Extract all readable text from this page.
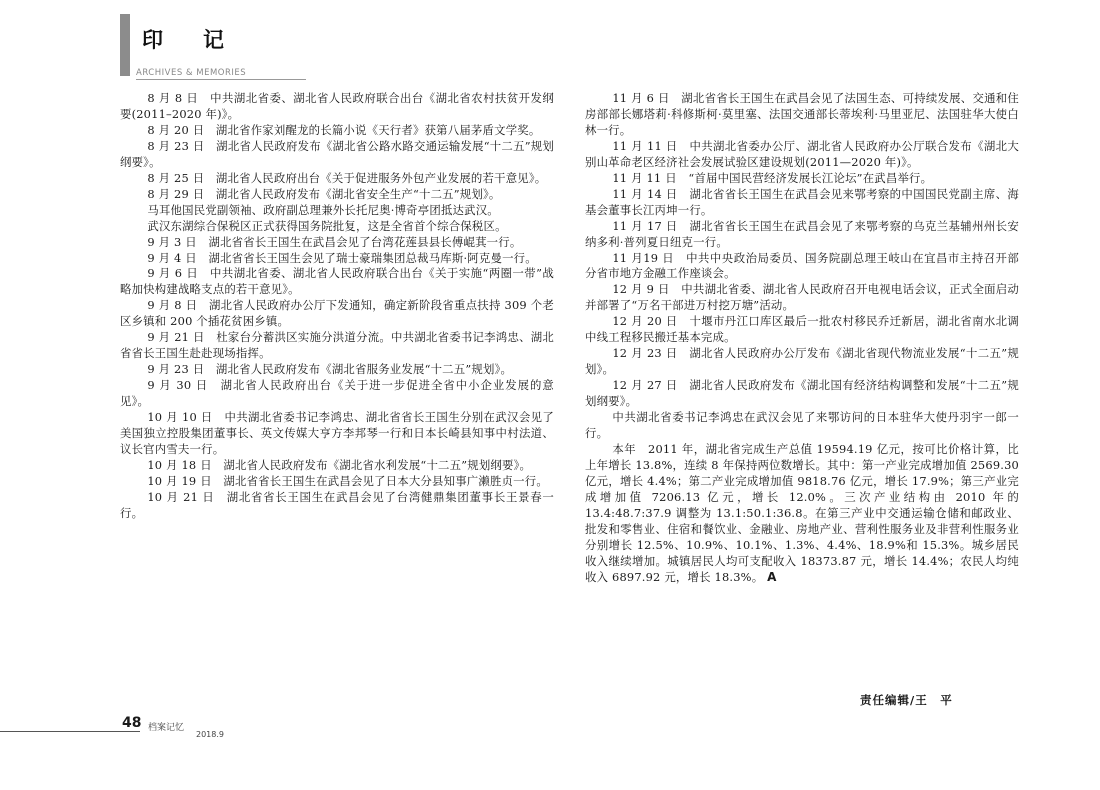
印记
ARCHIVES & MEMORIES

8 月 8 日　中共湖北省委、湖北省人民政府联合出台《湖北省农村扶贫开发纲要(2011–2020 年)》。

8 月 20 日　湖北省作家刘醒龙的长篇小说《天行者》获第八届茅盾文学奖。

8 月 23 日　湖北省人民政府发布《湖北省公路水路交通运输发展“十二五”规划纲要》。

8 月 25 日　湖北省人民政府出台《关于促进服务外包产业发展的若干意见》。

8 月 29 日　湖北省人民政府发布《湖北省安全生产“十二五”规划》。

马耳他国民党副领袖、政府副总理兼外长托尼奥·博奇亭团抵达武汉。

武汉东湖综合保税区正式获得国务院批复，这是全省首个综合保税区。

9 月 3 日　湖北省省长王国生在武昌会见了台湾花莲县县长傅崐萁一行。

9 月 4 日　湖北省省长王国生会见了瑞士豪瑞集团总裁马库斯·阿克曼一行。

9 月 6 日　中共湖北省委、湖北省人民政府联合出台《关于实施“两圈一带”战略加快构建战略支点的若干意见》。

9 月 8 日　湖北省人民政府办公厅下发通知，确定新阶段省重点扶持 309 个老区乡镇和 200 个插花贫困乡镇。

9 月 21 日　杜家台分蓄洪区实施分洪道分流。中共湖北省委书记李鸿忠、湖北省省长王国生赴赴现场指挥。

9 月 23 日　湖北省人民政府发布《湖北省服务业发展“十二五”规划》。

9 月 30 日　湖北省人民政府出台《关于进一步促进全省中小企业发展的意见》。

10 月 10 日　中共湖北省委书记李鸿忠、湖北省省长王国生分别在武汉会见了美国独立控股集团董事长、英文传媒大亨方李邦琴一行和日本长崎县知事中村法道、议长官内雪夫一行。

10 月 18 日　湖北省人民政府发布《湖北省水利发展“十二五”规划纲要》。

10 月 19 日　湖北省省长王国生在武昌会见了日本大分县知事广濑胜贞一行。

10 月 21 日　湖北省省长王国生在武昌会见了台湾健鼎集团董事长王景春一行。

11 月 6 日　湖北省省长王国生在武昌会见了法国生态、可持续发展、交通和住房部部长娜塔莉·科修斯柯·莫里塞、法国交通部长蒂埃利·马里亚尼、法国驻华大使白林一行。

11 月 11 日　中共湖北省委办公厅、湖北省人民政府办公厅联合发布《湖北大别山革命老区经济社会发展试验区建设规划(2011—2020 年)》。

11 月 11 日　“首届中国民营经济发展长江论坛”在武昌举行。

11 月 14 日　湖北省省长王国生在武昌会见来鄂考察的中国国民党副主席、海基会董事长江丙坤一行。

11 月 17 日　湖北省省长王国生在武昌会见了来鄂考察的乌克兰基辅州州长安纳多利·普列夏日纽克一行。

11 月19 日　中共中央政治局委员、国务院副总理王岐山在宜昌市主持召开部分省市地方金融工作座谈会。

12 月 9 日　中共湖北省委、湖北省人民政府召开电视电话会议，正式全面启动并部署了“万名干部进万村挖万塘”活动。

12 月 20 日　十堰市丹江口库区最后一批农村移民乔迁新居，湖北省南水北调中线工程移民搬迁基本完成。

12 月 23 日　湖北省人民政府办公厅发布《湖北省现代物流业发展“十二五”规划》。

12 月 27 日　湖北省人民政府发布《湖北国有经济结构调整和发展“十二五”规划纲要》。

中共湖北省委书记李鸿忠在武汉会见了来鄂访问的日本驻华大使丹羽宇一郎一行。

本年　2011 年，湖北省完成生产总值 19594.19 亿元，按可比价格计算，比上年增长 13.8%，连续 8 年保持两位数增长。其中：第一产业完成增加值 2569.30 亿元，增长 4.4%；第二产业完成增加值 9818.76 亿元，增长 17.9%；第三产业完成增加值 7206.13 亿元，增长 12.0%。三次产业结构由 2010 年的 13.4:48.7:37.9 调整为 13.1:50.1:36.8。在第三产业中交通运输仓储和邮政业、批发和零售业、住宿和餐饮业、金融业、房地产业、营利性服务业及非营利性服务业分别增长 12.5%、10.9%、10.1%、1.3%、4.4%、18.9%和 15.3%。城乡居民收入继续增加。城镇居民人均可支配收入 18373.87 元，增长 14.4%；农民人均纯收入 6897.92 元，增长 18.3%。 A

责任编辑/王　平
48 档案记忆
2018.9
